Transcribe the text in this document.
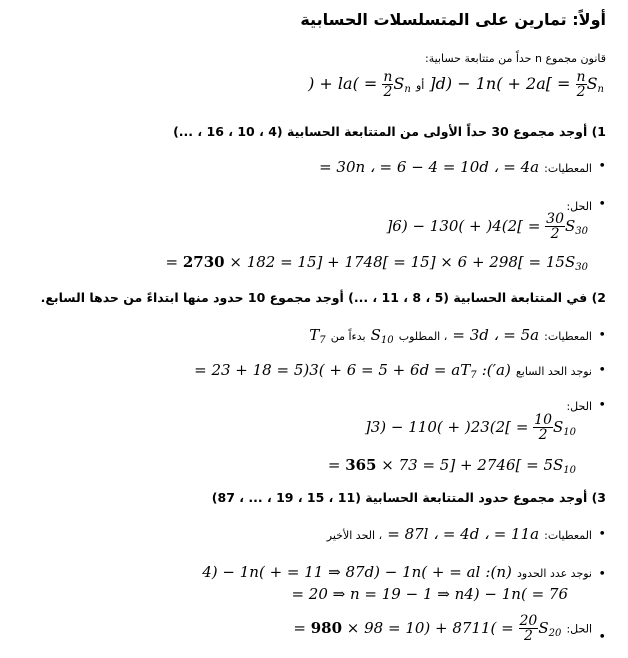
أولاً: تمارين على المتسلسلات الحسابية
قانون مجموع n حداً من متتابعة حسابية:
) + $la( = \frac{n}{2} S_n$ أو ]$d) - 1n( + 2a[ = \frac{n}{2} S_n$
1) أوجد مجموع 30 حداً الأولى من المتتابعة الحسابية (4 ، 10 ، 16 ، ...)
•
المعطيات: = 30n ، = 6 − 4 = 10d ، = 4a
•
الحل:
]$6) - 130( + )4(2[ = \frac{30}{2} S_{30}$
= $2730 \times 182 = 15] + 1748[ = 15] \times 6 + 298[ = 15S_{30}$
2) في المتتابعة الحسابية (5 ، 8 ، 11 ، ...) أوجد مجموع 10 حدود منها ابتداءً من حدها السابع.
•
المعطيات: = 3d ، = 5a ، المطلوب $S_{10}$ بدءاً من $T_7$
•
نوجد الحد السابع (′a): = $23 + 18 = 5)3( + 6 = 5 + 6d = aT_7$
•
الحل:
]$3) - 110( + )23(2[ = \frac{10}{2} S_{10}$
= $365 \times 73 = 5] + 2746[ = 5S_{10}$
3) أوجد مجموع حدود المتتابعة الحسابية (11 ، 15 ، 19 ، ... ، 87)
•
المعطيات: = 87l ، = 4d ، = 11a ، الحد الأخير
•
نوجد عدد الحدود (n): 4) − 1n( + = 11 ⇒ 87d) − 1n( + = al
= 20 ⇒ n = 19 − 1 ⇒ n4) − 1n( = 76
•
الحل: = $980 \times 98 = 10) + 8711( = \frac{20}{2} S_{20}$
